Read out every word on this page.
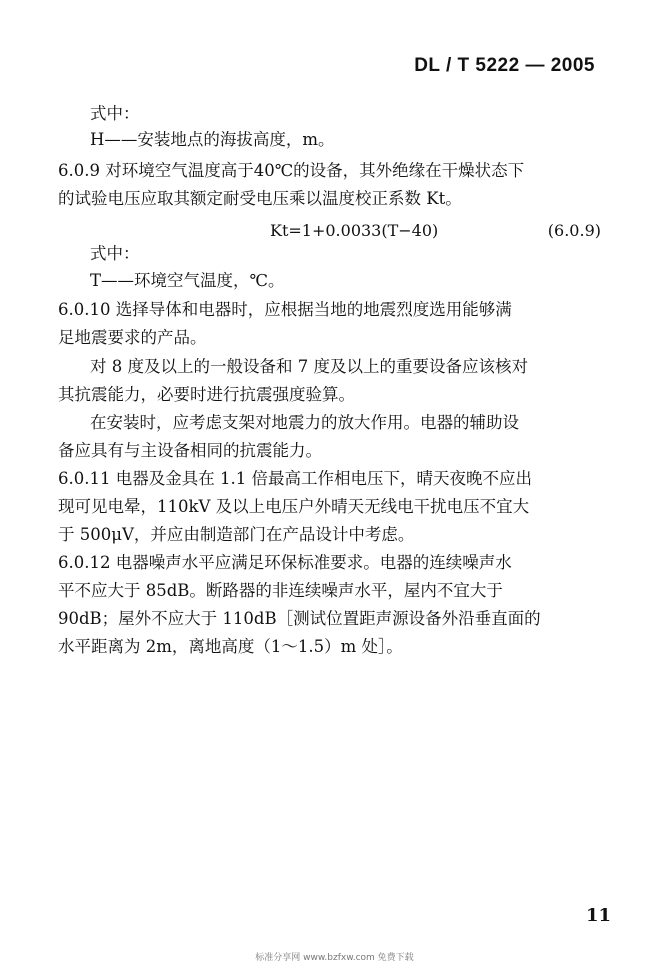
DL / T 5222 — 2005
式中：
H——安装地点的海拔高度，m。
6.0.9 对环境空气温度高于40℃的设备，其外绝缘在干燥状态下
的试验电压应取其额定耐受电压乘以温度校正系数 Kt。
Kt=1+0.0033(T−40)	(6.0.9)
式中：
T——环境空气温度，℃。
6.0.10 选择导体和电器时，应根据当地的地震烈度选用能够满
足地震要求的产品。
对 8 度及以上的一般设备和 7 度及以上的重要设备应该核对
其抗震能力，必要时进行抗震强度验算。
在安装时，应考虑支架对地震力的放大作用。电器的辅助设
备应具有与主设备相同的抗震能力。
6.0.11 电器及金具在 1.1 倍最高工作相电压下，晴天夜晚不应出
现可见电晕，110kV 及以上电压户外晴天无线电干扰电压不宜大
于 500μV，并应由制造部门在产品设计中考虑。
6.0.12 电器噪声水平应满足环保标准要求。电器的连续噪声水
平不应大于 85dB。断路器的非连续噪声水平，屋内不宜大于
90dB；屋外不应大于 110dB［测试位置距声源设备外沿垂直面的
水平距离为 2m，离地高度（1～1.5）m 处］。
11
标准分享网 www.bzfxw.com 免费下载
